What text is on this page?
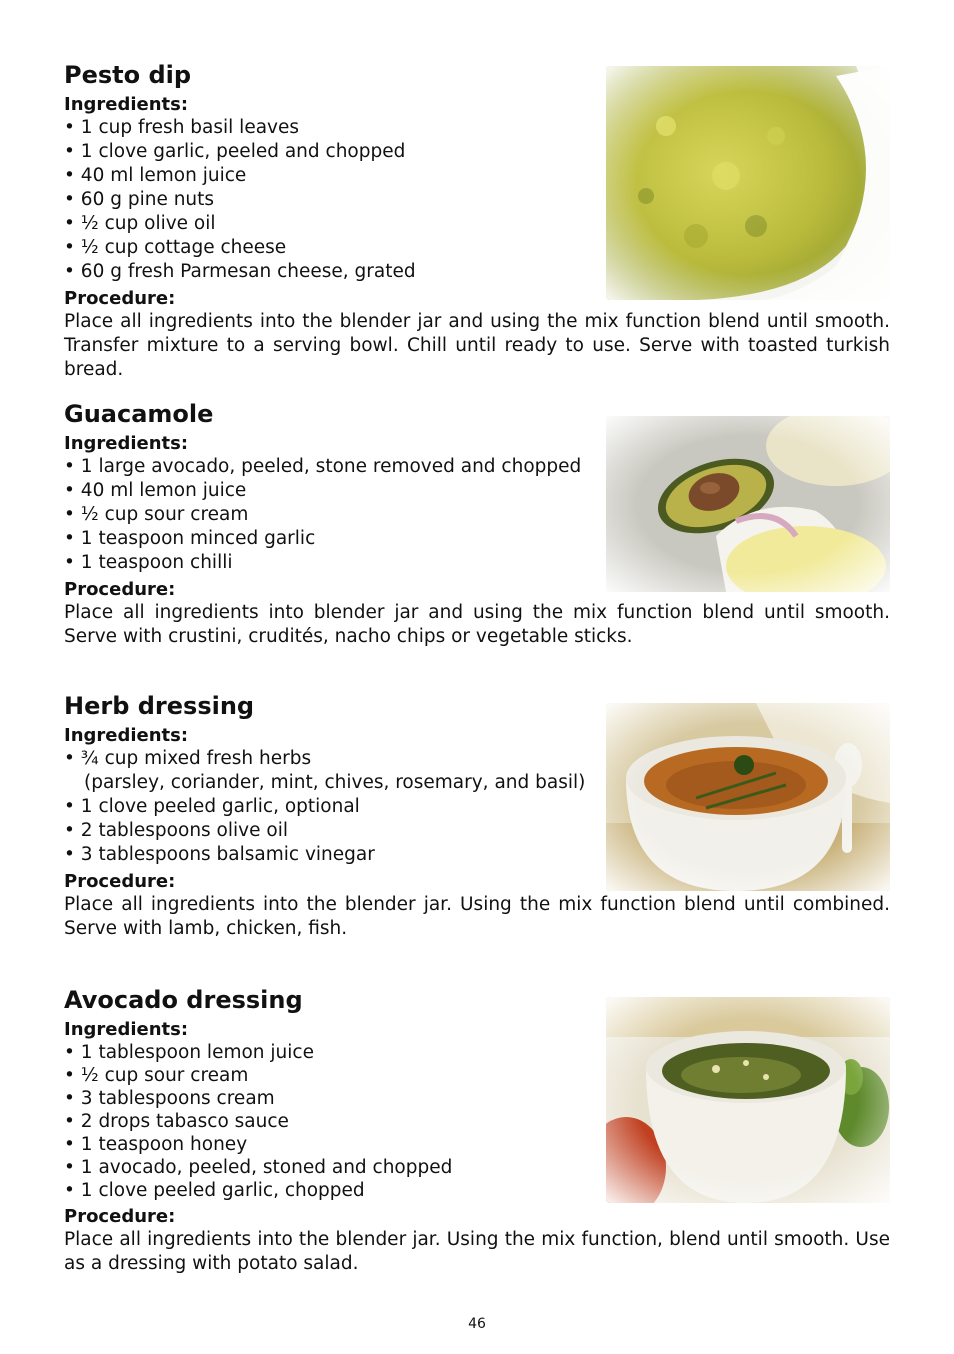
Pesto dip
Ingredients:
• 1 cup fresh basil leaves
• 1 clove garlic, peeled and chopped
• 40 ml lemon juice
• 60 g pine nuts
• ½ cup olive oil
• ½ cup cottage cheese
• 60 g fresh Parmesan cheese, grated
Procedure:

Place all ingredients into the blender jar and using the mix function blend until smooth. Transfer mixture to a serving bowl. Chill until ready to use. Serve with toasted turkish bread.

Guacamole
Ingredients:
• 1 large avocado, peeled, stone removed and chopped
• 40 ml lemon juice
• ½ cup sour cream
• 1 teaspoon minced garlic
• 1 teaspoon chilli
Procedure:

Place all ingredients into blender jar and using the mix function blend until smooth. Serve with crustini, crudités, nacho chips or vegetable sticks.

Herb dressing
Ingredients:
• ¾ cup mixed fresh herbs
(parsley, coriander, mint, chives, rosemary, and basil)
• 1 clove peeled garlic, optional
• 2 tablespoons olive oil
• 3 tablespoons balsamic vinegar
Procedure:

Place all ingredients into the blender jar. Using the mix function blend until combined. Serve with lamb, chicken, fish.

Avocado dressing
Ingredients:
• 1 tablespoon lemon juice
• ½ cup sour cream
• 3 tablespoons cream
• 2 drops tabasco sauce
• 1 teaspoon honey
• 1 avocado, peeled, stoned and chopped
• 1 clove peeled garlic, chopped
Procedure:

Place all ingredients into the blender jar. Using the mix function, blend until smooth. Use as a dressing with potato salad.

46
